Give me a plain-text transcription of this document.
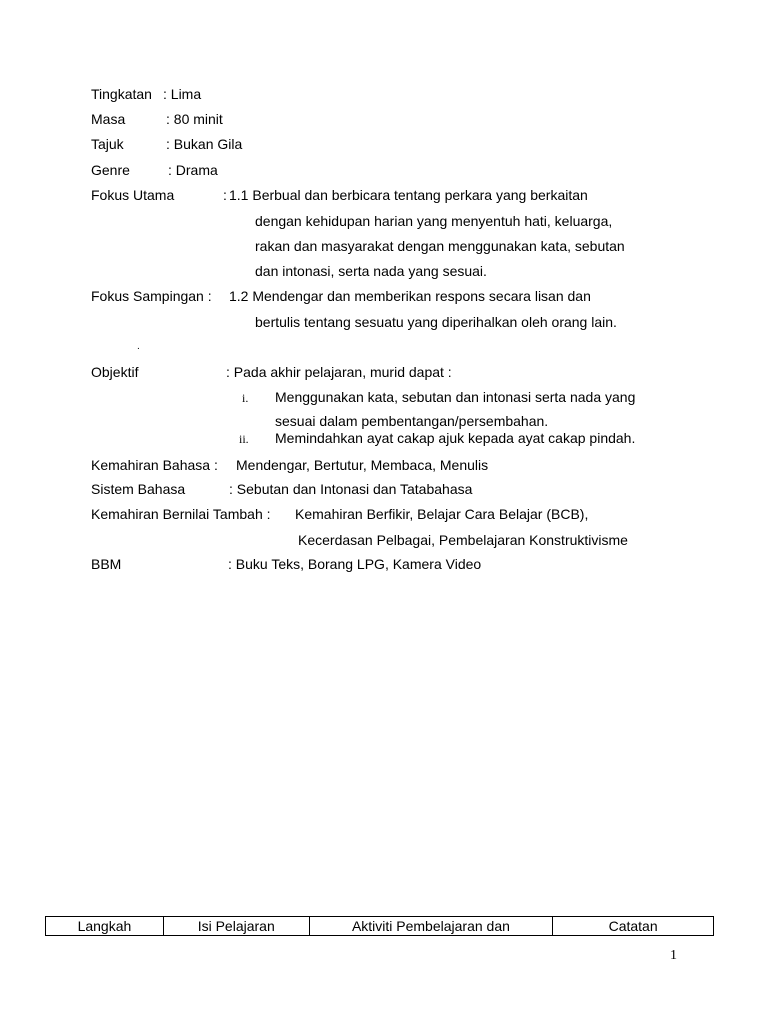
Tingkatan : Lima
Masa	: 80 minit
Tajuk	: Bukan Gila
Genre	: Drama
Fokus Utama	: 1.1 Berbual dan berbicara tentang perkara yang berkaitan
dengan kehidupan harian yang menyentuh hati, keluarga,
rakan dan masyarakat dengan menggunakan kata, sebutan
dan intonasi, serta nada yang sesuai.
Fokus Sampingan : 1.2 Mendengar dan memberikan respons secara lisan dan
bertulis tentang sesuatu yang diperihalkan oleh orang lain.
.
Objektif	: Pada akhir pelajaran, murid dapat :
i. Menggunakan kata, sebutan dan intonasi serta nada yang
sesuai dalam pembentangan/persembahan.
ii. Memindahkan ayat cakap ajuk kepada ayat cakap pindah.
Kemahiran Bahasa : Mendengar, Bertutur, Membaca, Menulis
Sistem Bahasa	: Sebutan dan Intonasi dan Tatabahasa
Kemahiran Bernilai Tambah : Kemahiran Berfikir, Belajar Cara Belajar (BCB),
Kecerdasan Pelbagai, Pembelajaran Konstruktivisme
BBM	: Buku Teks, Borang LPG, Kamera Video
Langkah	Isi Pelajaran	Aktiviti Pembelajaran dan	Catatan
1
